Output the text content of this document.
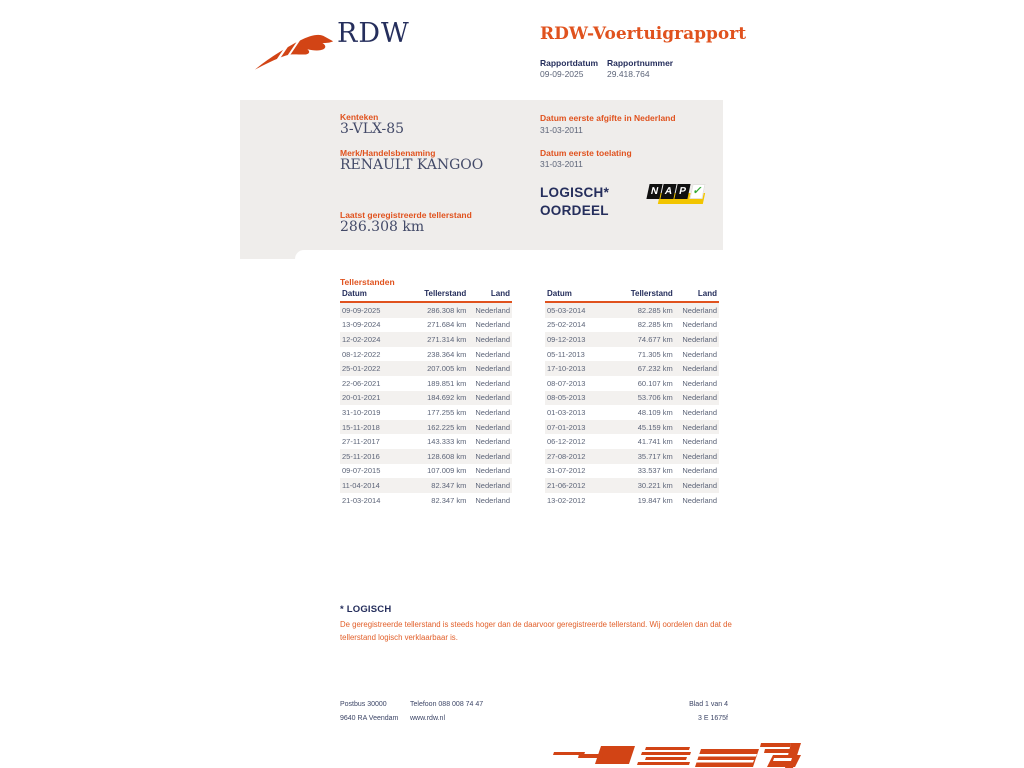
RDW	RDW-Voertuigrapport
Rapportdatum Rapportnummer
09-09-2025	29.418.764
Kenteken
3-VLX-85
Merk/Handelsbenaming
RENAULT KANGOO
Laatst geregistreerde tellerstand
286.308 km
Datum eerste afgifte in Nederland
31-03-2011
Datum eerste toelating
31-03-2011
LOGISCH*
OORDEEL
N A P ✓
Tellerstanden
Datum	Tellerstand	Land
09-09-2025	286.308 km	Nederland
13-09-2024	271.684 km	Nederland
12-02-2024	271.314 km	Nederland
08-12-2022	238.364 km	Nederland
25-01-2022	207.005 km	Nederland
22-06-2021	189.851 km	Nederland
20-01-2021	184.692 km	Nederland
31-10-2019	177.255 km	Nederland
15-11-2018	162.225 km	Nederland
27-11-2017	143.333 km	Nederland
25-11-2016	128.608 km	Nederland
09-07-2015	107.009 km	Nederland
11-04-2014	82.347 km	Nederland
21-03-2014	82.347 km	Nederland
Datum	Tellerstand	Land
05-03-2014	82.285 km	Nederland
25-02-2014	82.285 km	Nederland
09-12-2013	74.677 km	Nederland
05-11-2013	71.305 km	Nederland
17-10-2013	67.232 km	Nederland
08-07-2013	60.107 km	Nederland
08-05-2013	53.706 km	Nederland
01-03-2013	48.109 km	Nederland
07-01-2013	45.159 km	Nederland
06-12-2012	41.741 km	Nederland
27-08-2012	35.717 km	Nederland
31-07-2012	33.537 km	Nederland
21-06-2012	30.221 km	Nederland
13-02-2012	19.847 km	Nederland
* LOGISCH
De geregistreerde tellerstand is steeds hoger dan de daarvoor geregistreerde tellerstand. Wij oordelen dan dat de tellerstand logisch verklaarbaar is.
Postbus 30000	Telefoon 088 008 74 47	Blad 1 van 4
9640 RA Veendam www.rdw.nl	3 E 1675f
